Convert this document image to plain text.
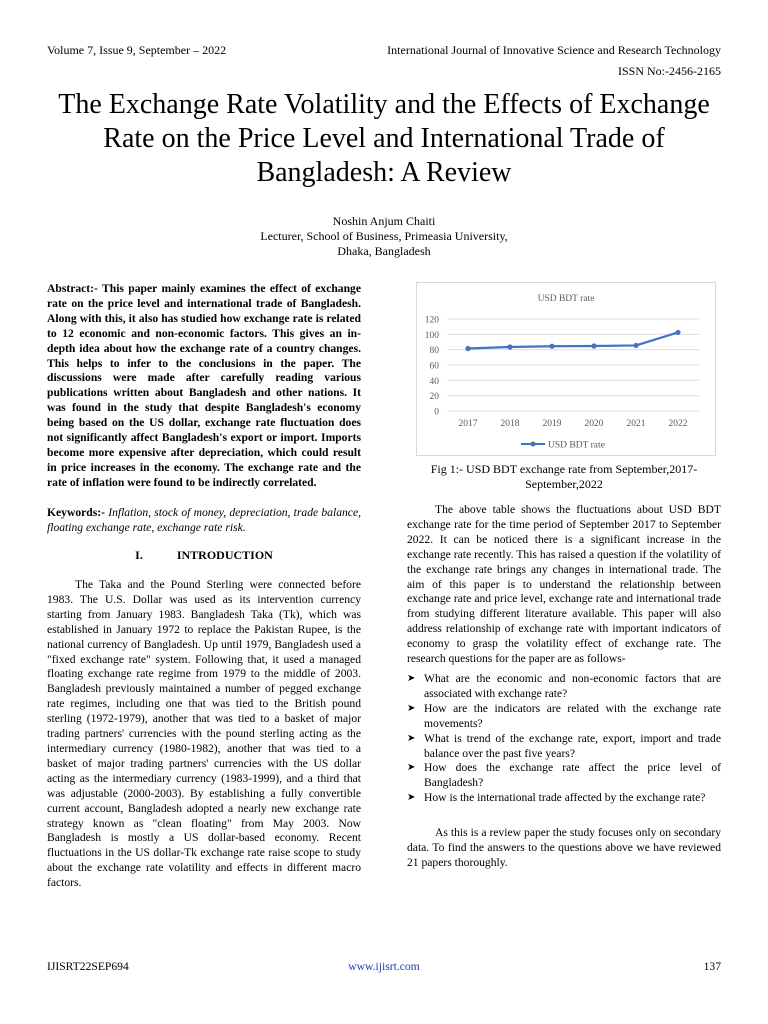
Volume 7, Issue 9, September – 2022	International Journal of Innovative Science and Research Technology
ISSN No:-2456-2165
The Exchange Rate Volatility and the Effects of Exchange Rate on the Price Level and International Trade of Bangladesh: A Review
Noshin Anjum Chaiti
Lecturer, School of Business, Primeasia University,
Dhaka, Bangladesh
Abstract:- This paper mainly examines the effect of exchange rate on the price level and international trade of Bangladesh. Along with this, it also has studied how exchange rate is related to 12 economic and non-economic factors. This gives an in-depth idea about how the exchange rate of a country changes. This helps to infer to the conclusions in the paper. The discussions were made after carefully reading various publications written about Bangladesh and other nations. It was found in the study that despite Bangladesh's economy being based on the US dollar, exchange rate fluctuation does not significantly affect Bangladesh's export or import. Imports become more expensive after depreciation, which could result in price increases in the economy. The exchange rate and the rate of inflation were found to be indirectly correlated.
Keywords:- Inflation, stock of money, depreciation, trade balance, floating exchange rate, exchange rate risk.
I.	INTRODUCTION
The Taka and the Pound Sterling were connected before 1983. The U.S. Dollar was used as its intervention currency starting from January 1983. Bangladesh Taka (Tk), which was established in January 1972 to replace the Pakistan Rupee, is the national currency of Bangladesh. Up until 1979, Bangladesh used a "fixed exchange rate" system. Following that, it used a managed floating exchange rate regime from 1979 to the middle of 2003. Bangladesh previously maintained a number of pegged exchange rate regimes, including one that was tied to the British pound sterling (1972-1979), another that was tied to a basket of major trading partners' currencies with the pound sterling acting as the intermediary currency (1980-1982), another that was tied to a basket of major trading partners' currencies with the US dollar acting as the intermediary currency (1983-1999), and a third that was adjustable (2000-2003). By establishing a fully convertible current account, Bangladesh adopted a nearly new exchange rate strategy known as "clean floating" from May 2003. Now Bangladesh is mostly a US dollar-based economy. Recent fluctuations in the US dollar-Tk exchange rate raise scope to study about the exchange rate volatility and effects in different macro factors.
USD BDT rate
0
20
40
60
80
100
120
2017 2018 2019 2020 2021 2022
USD BDT rate
Fig 1:- USD BDT exchange rate from September,2017-September,2022
The above table shows the fluctuations about USD BDT exchange rate for the time period of September 2017 to September 2022. It can be noticed there is a significant increase in the exchange rate recently. This has raised a question if the volatility of the exchange rate brings any changes in international trade. The aim of this paper is to understand the relationship between exchange rate and price level, exchange rate and international trade from studying different literature available. This paper will also address relationship of exchange rate with important indicators of economy to grasp the volatility effect of exchange rate. The research questions for the paper are as follows-
➤ What are the economic and non-economic factors that are associated with exchange rate?
➤ How are the indicators are related with the exchange rate movements?
➤ What is trend of the exchange rate, export, import and trade balance over the past five years?
➤ How does the exchange rate affect the price level of Bangladesh?
➤ How is the international trade affected by the exchange rate?
As this is a review paper the study focuses only on secondary data. To find the answers to the questions above we have reviewed 21 papers thoroughly.
IJISRT22SEP694	www.ijisrt.com	137
